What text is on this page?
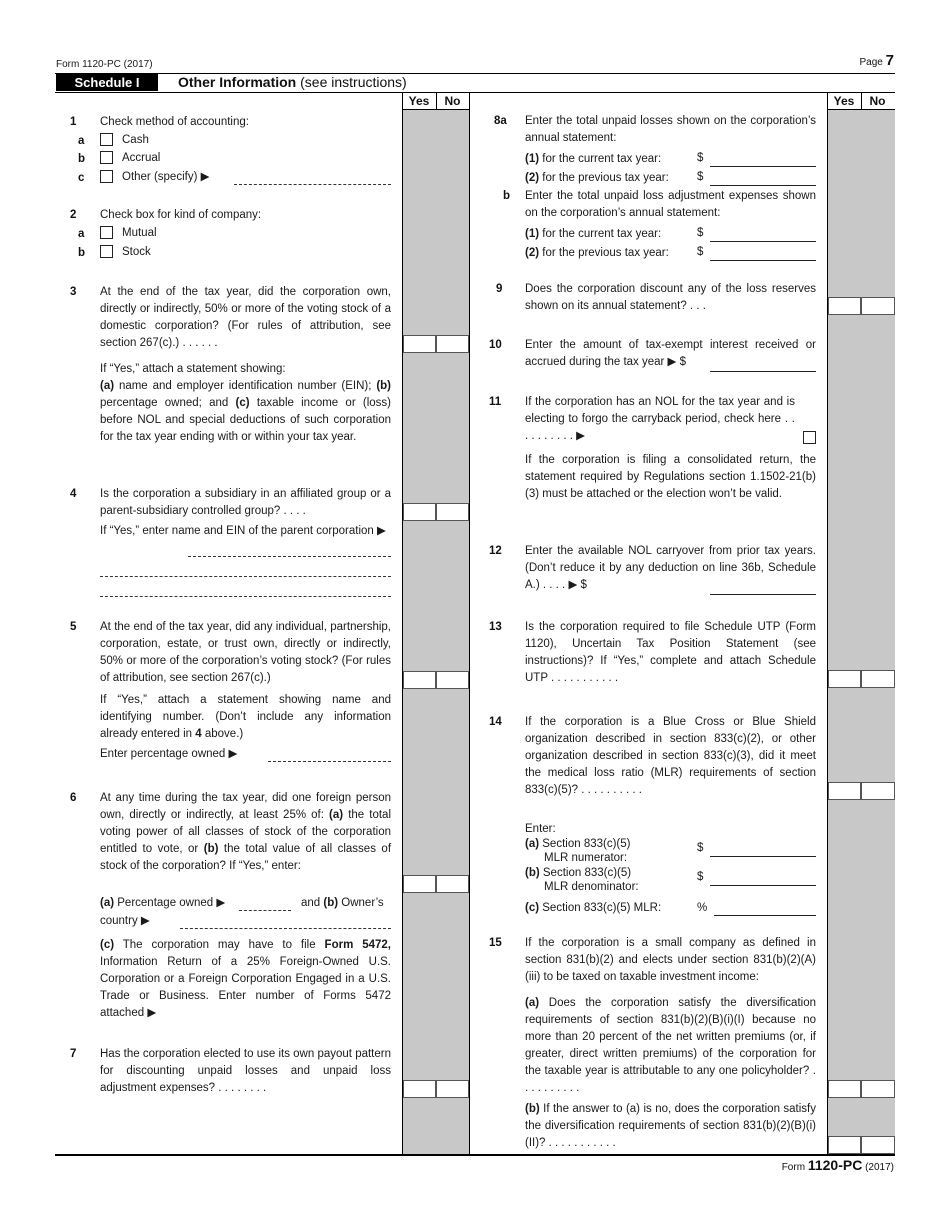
Form 1120-PC (2017)	Page 7
Schedule I	Other Information (see instructions)
Yes	No	Yes	No
1 Check method of accounting:
a	Cash
b	Accrual
c	Other (specify) ▶
2 Check box for kind of company:
a	Mutual
b	Stock
3 At the end of the tax year, did the corporation own, directly or indirectly, 50% or more of the voting stock of a domestic corporation? (For rules of attribution, see section 267(c).) . . . . . .
If “Yes,” attach a statement showing:
(a) name and employer identification number (EIN); (b) percentage owned; and (c) taxable income or (loss) before NOL and special deductions of such corporation for the tax year ending with or within your tax year.
4 Is the corporation a subsidiary in an affiliated group or a parent-subsidiary controlled group? . . . .
If “Yes,” enter name and EIN of the parent corporation ▶
5 At the end of the tax year, did any individual, partnership, corporation, estate, or trust own, directly or indirectly, 50% or more of the corporation’s voting stock? (For rules of attribution, see section 267(c).)
If “Yes,” attach a statement showing name and identifying number. (Don’t include any information already entered in 4 above.)
Enter percentage owned ▶
6 At any time during the tax year, did one foreign person own, directly or indirectly, at least 25% of: (a) the total voting power of all classes of stock of the corporation entitled to vote, or (b) the total value of all classes of stock of the corporation? If “Yes,” enter:
(a) Percentage owned ▶	and (b) Owner’s
country ▶
(c) The corporation may have to file Form 5472, Information Return of a 25% Foreign-Owned U.S. Corporation or a Foreign Corporation Engaged in a U.S. Trade or Business. Enter number of Forms 5472 attached ▶
7 Has the corporation elected to use its own payout pattern for discounting unpaid losses and unpaid loss adjustment expenses? . . . . . . . .
8a Enter the total unpaid losses shown on the corporation’s annual statement:
(1) for the current tax year:	$
(2) for the previous tax year: $
b Enter the total unpaid loss adjustment expenses shown on the corporation’s annual statement:
(1) for the current tax year:	$
(2) for the previous tax year: $
9 Does the corporation discount any of the loss reserves shown on its annual statement? . . .
10 Enter the amount of tax-exempt interest received or accrued during the tax year ▶ $
11 If the corporation has an NOL for the tax year and is electing to forgo the carryback period, check here . . . . . . . . . . ▶
If the corporation is filing a consolidated return, the statement required by Regulations section 1.1502-21(b)(3) must be attached or the election won’t be valid.
12 Enter the available NOL carryover from prior tax years. (Don’t reduce it by any deduction on line 36b, Schedule A.) . . . . ▶ $
13 Is the corporation required to file Schedule UTP (Form 1120), Uncertain Tax Position Statement (see instructions)? If “Yes,” complete and attach Schedule UTP . . . . . . . . . . .
14 If the corporation is a Blue Cross or Blue Shield organization described in section 833(c)(2), or other organization described in section 833(c)(3), did it meet the medical loss ratio (MLR) requirements of section 833(c)(5)? . . . . . . . . . .
Enter:
(a) Section 833(c)(5)
MLR numerator:
$
(b) Section 833(c)(5)
MLR denominator:
$
(c) Section 833(c)(5) MLR:	%
15 If the corporation is a small company as defined in section 831(b)(2) and elects under section 831(b)(2)(A)(iii) to be taxed on taxable investment income:
(a) Does the corporation satisfy the diversification requirements of section 831(b)(2)(B)(i)(I) because no more than 20 percent of the net written premiums (or, if greater, direct written premiums) of the corporation for the taxable year is attributable to any one policyholder? . . . . . . . . . .
(b) If the answer to (a) is no, does the corporation satisfy the diversification requirements of section 831(b)(2)(B)(i)(II)? . . . . . . . . . . .
Form 1120-PC (2017)
